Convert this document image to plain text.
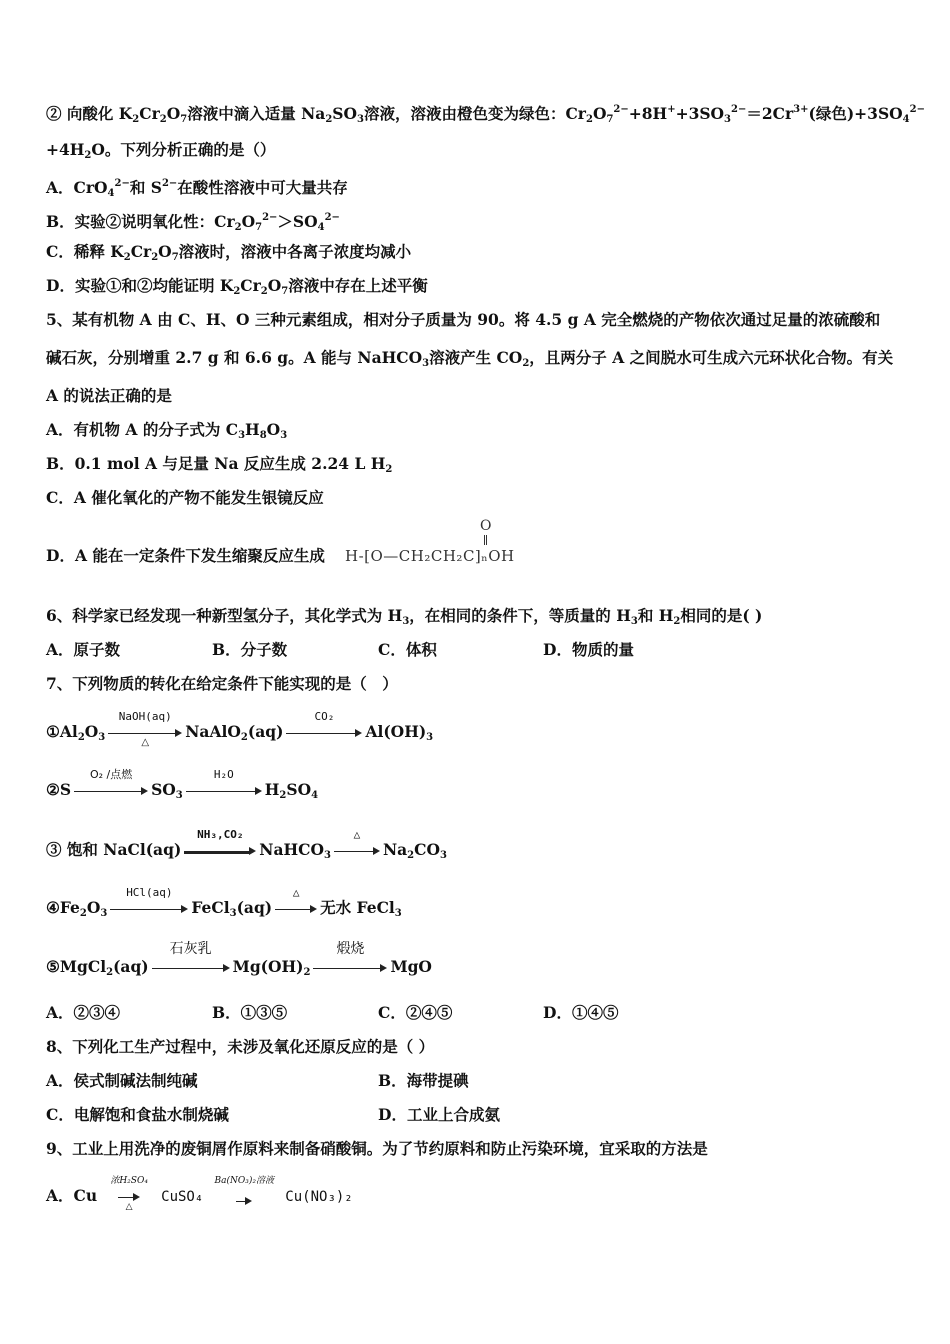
② 向酸化 $K_2Cr_2O_7$溶液中滴入适量 $Na_2SO_3$溶液，溶液由橙色变为绿色：$Cr_2O_7^{2-}+8H^++3SO_3^{2-}=2Cr^{3+}$(绿色)$+3SO_4^{2-}$
$+4H_2O$。下列分析正确的是（）
A．CrO$_4^{2-}$和 $S^{2-}$在酸性溶液中可大量共存
B．实验②说明氧化性：$Cr_2O_7^{2-}>SO_4^{2-}$
C．稀释 $K_2Cr_2O_7$溶液时，溶液中各离子浓度均减小
D．实验①和②均能证明 $K_2Cr_2O_7$溶液中存在上述平衡
5、某有机物 A 由 C、H、O 三种元素组成，相对分子质量为 90。将 4.5 g A 完全燃烧的产物依次通过足量的浓硫酸和
碱石灰，分别增重 2.7 g 和 6.6 g。A 能与 NaHCO$_3$溶液产生 $CO_2$，且两分子 A 之间脱水可生成六元环状化合物。有关
A 的说法正确的是
A．有机物 A 的分子式为 $C_3H_8O_3$
B．0.1 mol A 与足量 Na 反应生成 2.24 L $H_2$
C．A 催化氧化的产物不能发生银镜反应
D．A 能在一定条件下发生缩聚反应生成
O
H-[O—CH₂CH₂C]ₙOH
6、科学家已经发现一种新型氢分子，其化学式为 $H_3$，在相同的条件下，等质量的 $H_3$和 $H_2$相同的是( )
A．原子数	B．分子数	C．体积	D．物质的量
7、下列物质的转化在给定条件下能实现的是（　）
$①Al_2O_3$
NaOH(aq)
△
NaAlO$_2$(aq)
CO₂
$Al(OH)_3$
②S
O₂ /点燃
$SO_3$
H₂O
$H_2SO_4$
③ 饱和 NaCl(aq)
NH₃,CO₂
NaHCO$_3$
△
$Na_2CO_3$
$④Fe_2O_3$
HCl(aq)
FeCl$_3$(aq)
△
无水 FeCl$_3$
⑤MgCl$_2$(aq)
石灰乳
$Mg(OH)_2$
煅烧
MgO
A．②③④	B．①③⑤	C．②④⑤	D．①④⑤
8、下列化工生产过程中，未涉及氧化还原反应的是（ ）
A．侯式制碱法制纯碱	B．海带提碘
C．电解饱和食盐水制烧碱	D．工业上合成氨
9、工业上用洗净的废铜屑作原料来制备硝酸铜。为了节约原料和防止污染环境，宜采取的方法是
A．Cu
浓H₂SO₄
△
CuSO₄
Ba(NO₃)₂溶液
Cu(NO₃)₂
